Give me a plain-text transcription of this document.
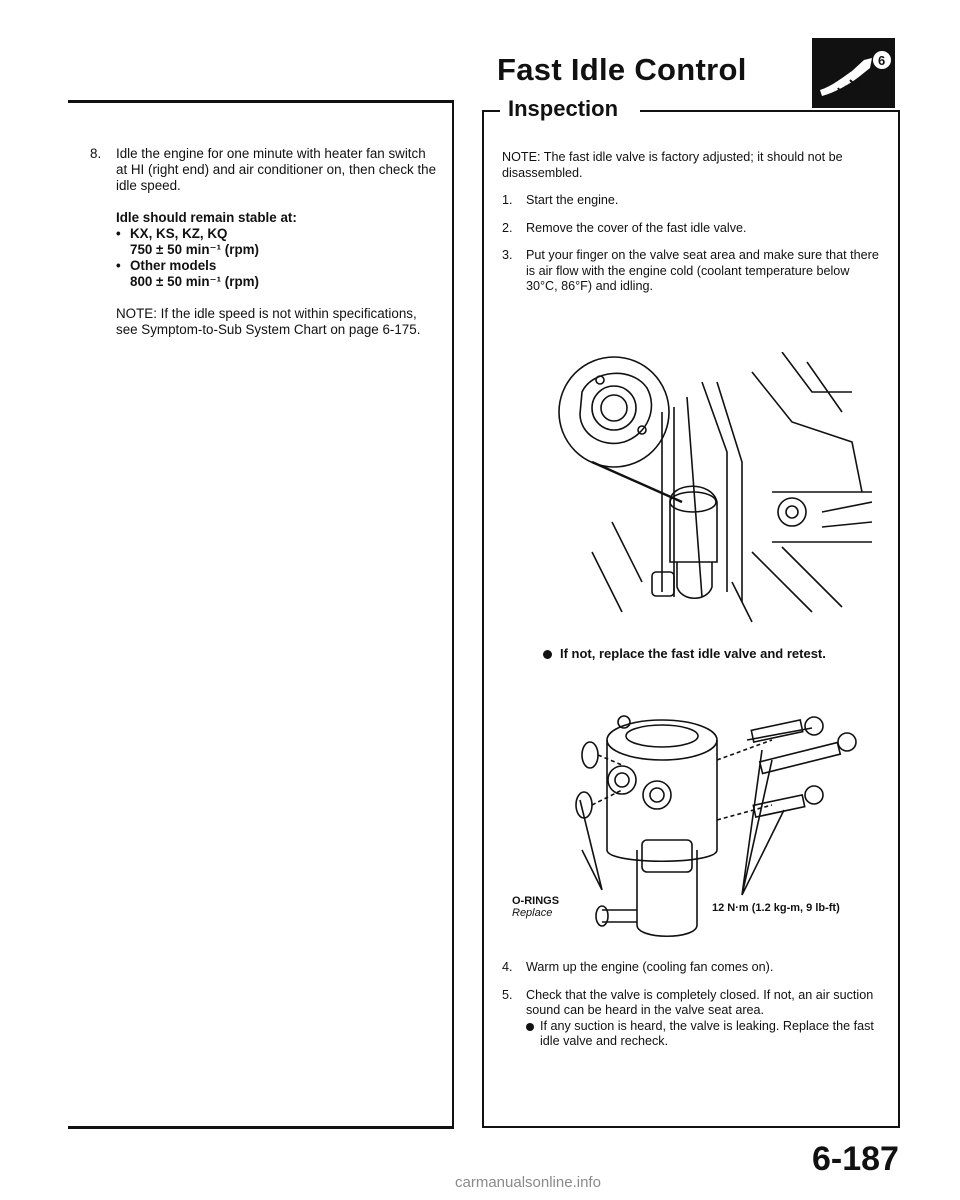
Fast Idle Control	6
8. Idle the engine for one minute with heater fan switch at HI (right end) and air conditioner on, then check the idle speed.

Idle should remain stable at:

• KX, KS, KZ, KQ
750 ± 50 min⁻¹ (rpm)
• Other models
800 ± 50 min⁻¹ (rpm)

NOTE: If the idle speed is not within specifications, see Symptom-to-Sub System Chart on page 6-175.

Inspection
NOTE: The fast idle valve is factory adjusted; it should not be disassembled.
1. Start the engine.
2. Remove the cover of the fast idle valve.
3. Put your finger on the valve seat area and make sure that there is air flow with the engine cold (coolant temperature below 30°C, 86°F) and idling.
If not, replace the fast idle valve and retest.
O-RINGS
Replace	12 N·m (1.2 kg-m, 9 lb-ft)
4. Warm up the engine (cooling fan comes on).
5. Check that the valve is completely closed. If not, an air suction sound can be heard in the valve seat area.
If any suction is heard, the valve is leaking. Replace the fast idle valve and recheck.
6-187
carmanualsonline.info
